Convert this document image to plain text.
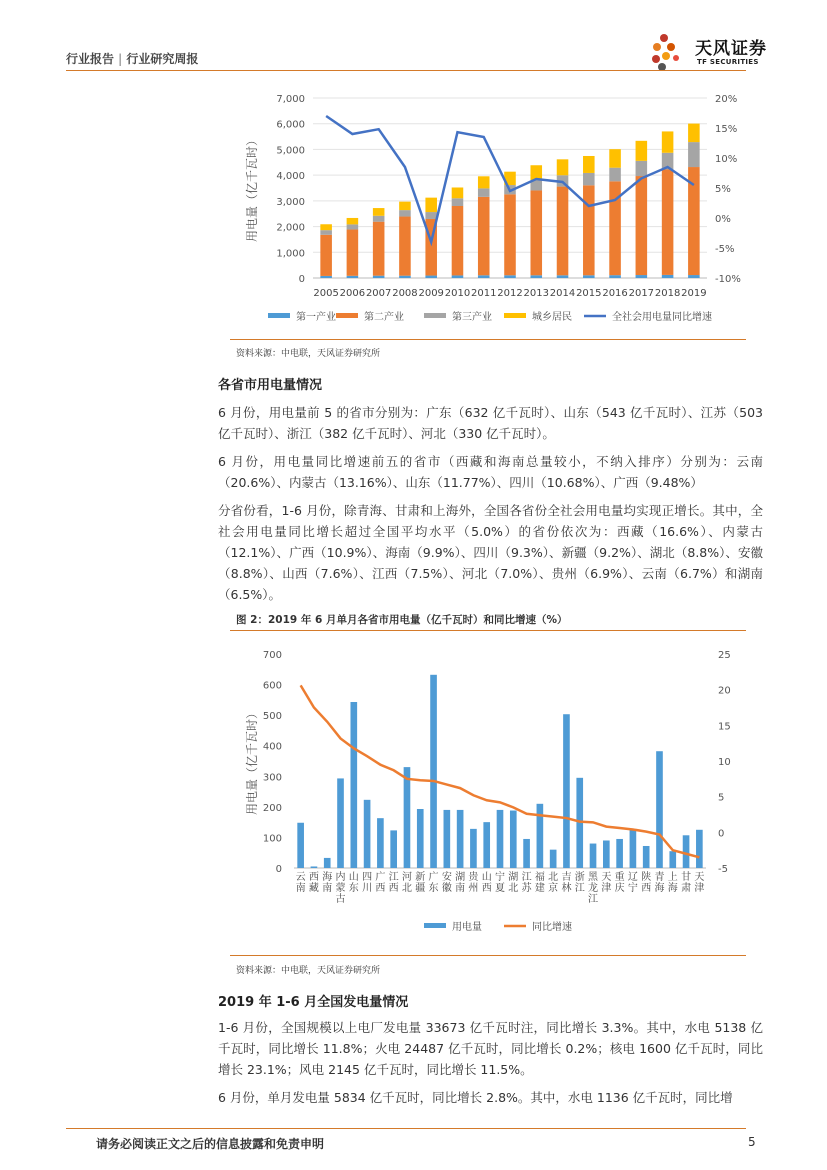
行业报告 | 行业研究周报	天风证券
TF SECURITIES
0
1,000
2,000
3,000
4,000
5,000
6,000
7,000
-10%
-5%
0%
5%
10%
15%
20%
2005 2006 2007 2008 2009 2010 2011 2012 2013 2014 2015 2016 2017 2018 2019
用电量（亿千瓦时）
第一产业	第二产业	第三产业	城乡居民	全社会用电量同比增速
资料来源：中电联，天风证券研究所
各省市用电量情况
6 月份，用电量前 5 的省市分别为：广东（632 亿千瓦时）、山东（543 亿千瓦时）、江苏（503 亿千瓦时）、浙江（382 亿千瓦时）、河北（330 亿千瓦时）。
6 月份，用电量同比增速前五的省市（西藏和海南总量较小，不纳入排序）分别为：云南（20.6%）、内蒙古（13.16%）、山东（11.77%）、四川（10.68%）、广西（9.48%）
分省份看，1-6 月份，除青海、甘肃和上海外，全国各省份全社会用电量均实现正增长。其中，全社会用电量同比增长超过全国平均水平（5.0%）的省份依次为：西藏（16.6%）、内蒙古（12.1%）、广西（10.9%）、海南（9.9%）、四川（9.3%）、新疆（9.2%）、湖北（8.8%）、安徽（8.8%）、山西（7.6%）、江西（7.5%）、河北（7.0%）、贵州（6.9%）、云南（6.7%）和湖南（6.5%）。
图 2：2019 年 6 月单月各省市用电量（亿千瓦时）和同比增速（%）
0
100
200
300
400
500
600
700
-5
0
5
10
15
20
25
云南
西藏
海南
内蒙古
山东
四川
广西
江西
河北
新疆
广东
安徽
湖南
贵州
山西
宁夏
湖北
江苏
福建
北京
吉林
浙江
黑龙江
天津
重庆
辽宁
陕西
青海
上海
甘肃
天津
用电量（亿千瓦时）
用电量	同比增速
资料来源：中电联，天风证券研究所
2019 年 1-6 月全国发电量情况
1-6 月份，全国规模以上电厂发电量 33673 亿千瓦时注，同比增长 3.3%。其中，水电 5138 亿千瓦时，同比增长 11.8%；火电 24487 亿千瓦时，同比增长 0.2%；核电 1600 亿千瓦时，同比增长 23.1%；风电 2145 亿千瓦时，同比增长 11.5%。
6 月份，单月发电量 5834 亿千瓦时，同比增长 2.8%。其中，水电 1136 亿千瓦时，同比增
请务必阅读正文之后的信息披露和免责申明	5
